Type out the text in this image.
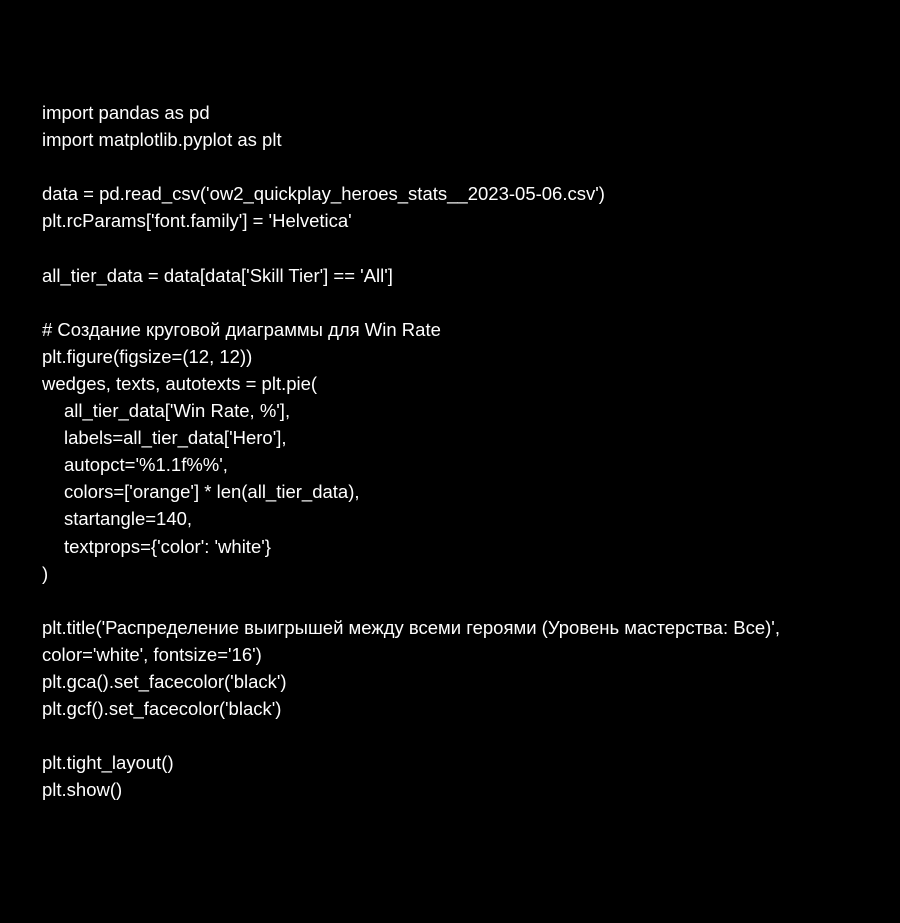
import pandas as pd
import matplotlib.pyplot as plt
data = pd.read_csv('ow2_quickplay_heroes_stats__2023-05-06.csv')
plt.rcParams['font.family'] = 'Helvetica'
all_tier_data = data[data['Skill Tier'] == 'All']
# Создание круговой диаграммы для Win Rate
plt.figure(figsize=(12, 12))
wedges, texts, autotexts = plt.pie(
all_tier_data['Win Rate, %'],
labels=all_tier_data['Hero'],
autopct='%1.1f%%',
colors=['orange'] * len(all_tier_data),
startangle=140,
textprops={'color': 'white'}
)
plt.title('Распределение выигрышей между всеми героями (Уровень мастерства: Все)',
color='white', fontsize='16')
plt.gca().set_facecolor('black')
plt.gcf().set_facecolor('black')
plt.tight_layout()
plt.show()
